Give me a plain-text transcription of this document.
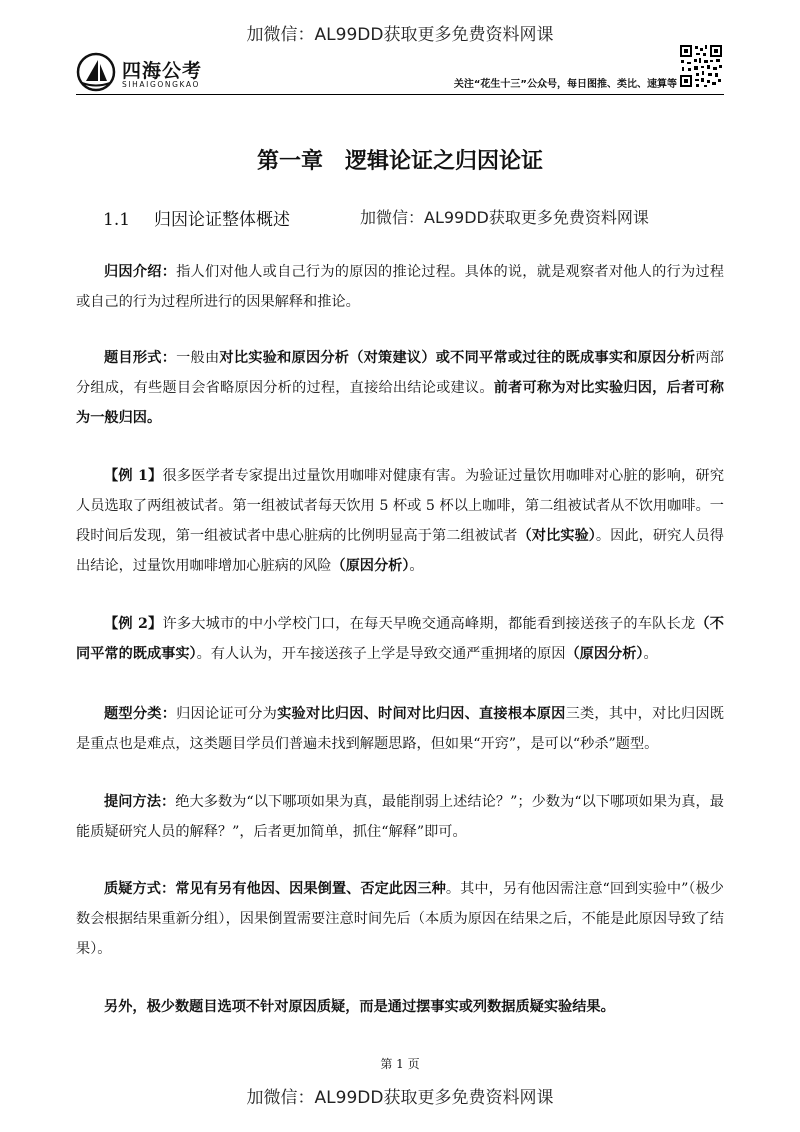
加微信：AL99DD获取更多免费资料网课
四海公考
SIHAIGONGKAO	关注“花生十三”公众号，每日图推、类比、速算等
第一章　逻辑论证之归因论证
1.1 归因论证整体概述	加微信：AL99DD获取更多免费资料网课
归因介绍：指人们对他人或自己行为的原因的推论过程。具体的说，就是观察者对他人的行为过程或自己的行为过程所进行的因果解释和推论。
题目形式：一般由对比实验和原因分析（对策建议）或不同平常或过往的既成事实和原因分析两部分组成，有些题目会省略原因分析的过程，直接给出结论或建议。前者可称为对比实验归因，后者可称为一般归因。
【例 1】很多医学者专家提出过量饮用咖啡对健康有害。为验证过量饮用咖啡对心脏的影响，研究人员选取了两组被试者。第一组被试者每天饮用 5 杯或 5 杯以上咖啡，第二组被试者从不饮用咖啡。一段时间后发现，第一组被试者中患心脏病的比例明显高于第二组被试者（对比实验）。因此，研究人员得出结论，过量饮用咖啡增加心脏病的风险（原因分析）。
【例 2】许多大城市的中小学校门口，在每天早晚交通高峰期，都能看到接送孩子的车队长龙（不同平常的既成事实）。有人认为，开车接送孩子上学是导致交通严重拥堵的原因（原因分析）。
题型分类：归因论证可分为实验对比归因、时间对比归因、直接根本原因三类，其中，对比归因既是重点也是难点，这类题目学员们普遍未找到解题思路，但如果“开窍”，是可以“秒杀”题型。
提问方法：绝大多数为“以下哪项如果为真，最能削弱上述结论？”；少数为“以下哪项如果为真，最能质疑研究人员的解释？”，后者更加简单，抓住“解释”即可。
质疑方式：常见有另有他因、因果倒置、否定此因三种。其中，另有他因需注意“回到实验中”（极少数会根据结果重新分组），因果倒置需要注意时间先后（本质为原因在结果之后，不能是此原因导致了结果）。
另外，极少数题目选项不针对原因质疑，而是通过摆事实或列数据质疑实验结果。
第 1 页
加微信：AL99DD获取更多免费资料网课
